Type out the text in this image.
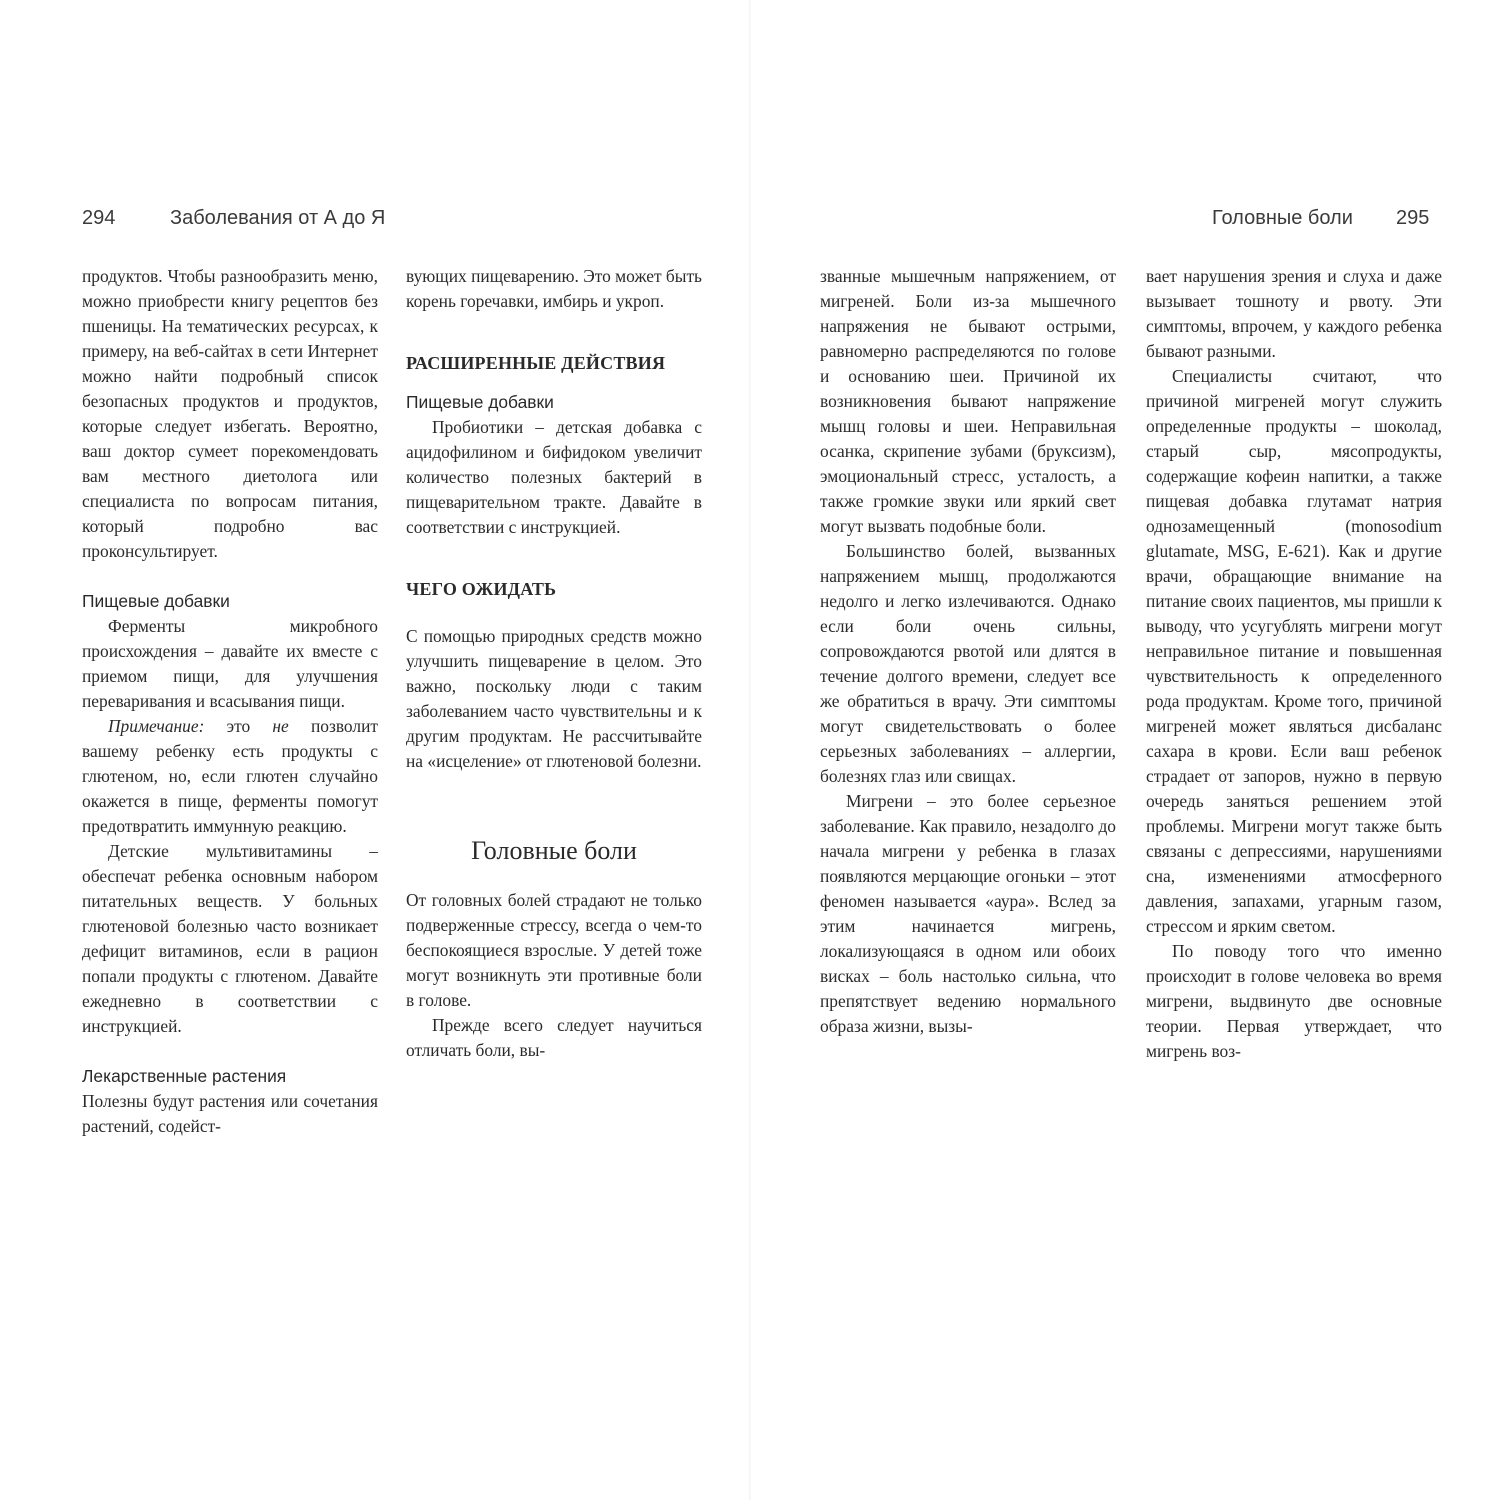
294	Заболевания от А до Я	Головные боли 295

продуктов. Чтобы разнообразить меню, можно приобрести книгу рецептов без пшеницы. На тематических ресурсах, к примеру, на веб-сайтах в сети Интернет можно найти подробный список безопасных продуктов и продуктов, которые следует избегать. Вероятно, ваш доктор сумеет порекомендовать вам местного диетолога или специалиста по вопросам питания, который подробно вас проконсультирует.

Пищевые добавки

Ферменты микробного происхождения – давайте их вместе с приемом пищи, для улучшения переваривания и всасывания пищи.

Примечание: это не позволит вашему ребенку есть продукты с глютеном, но, если глютен случайно окажется в пище, ферменты помогут предотвратить иммунную реакцию.

Детские мультивитамины – обеспечат ребенка основным набором питательных веществ. У больных глютеновой болезнью часто возникает дефицит витаминов, если в рацион попали продукты с глютеном. Давайте ежедневно в соответствии с инструкцией.

Лекарственные растения

Полезны будут растения или сочетания растений, содейст-

вующих пищеварению. Это может быть корень горечавки, имбирь и укроп.

РАСШИРЕННЫЕ ДЕЙСТВИЯ
Пищевые добавки

Пробиотики – детская добавка с ацидофилином и бифидоком увеличит количество полезных бактерий в пищеварительном тракте. Давайте в соответствии с инструкцией.

ЧЕГО ОЖИДАТЬ

С помощью природных средств можно улучшить пищеварение в целом. Это важно, поскольку люди с таким заболеванием часто чувствительны и к другим продуктам. Не рассчитывайте на «исцеление» от глютеновой болезни.

Головные боли

От головных болей страдают не только подверженные стрессу, всегда о чем-то беспокоящиеся взрослые. У детей тоже могут возникнуть эти противные боли в голове.

Прежде всего следует научиться отличать боли, вы-

званные мышечным напряжением, от мигреней. Боли из-за мышечного напряжения не бывают острыми, равномерно распределяются по голове и основанию шеи. Причиной их возникновения бывают напряжение мышц головы и шеи. Неправильная осанка, скрипение зубами (бруксизм), эмоциональный стресс, усталость, а также громкие звуки или яркий свет могут вызвать подобные боли.

Большинство болей, вызванных напряжением мышц, продолжаются недолго и легко излечиваются. Однако если боли очень сильны, сопровождаются рвотой или длятся в течение долгого времени, следует все же обратиться в врачу. Эти симптомы могут свидетельствовать о более серьезных заболеваниях – аллергии, болезнях глаз или свищах.

Мигрени – это более серьезное заболевание. Как правило, незадолго до начала мигрени у ребенка в глазах появляются мерцающие огоньки – этот феномен называется «аура». Вслед за этим начинается мигрень, локализующаяся в одном или обоих висках – боль настолько сильна, что препятствует ведению нормального образа жизни, вызы-

вает нарушения зрения и слуха и даже вызывает тошноту и рвоту. Эти симптомы, впрочем, у каждого ребенка бывают разными.

Специалисты считают, что причиной мигреней могут служить определенные продукты – шоколад, старый сыр, мясопродукты, содержащие кофеин напитки, а также пищевая добавка глутамат натрия однозамещенный (monosodium glutamate, MSG, E-621). Как и другие врачи, обращающие внимание на питание своих пациентов, мы пришли к выводу, что усугублять мигрени могут неправильное питание и повышенная чувствительность к определенного рода продуктам. Кроме того, причиной мигреней может являться дисбаланс сахара в крови. Если ваш ребенок страдает от запоров, нужно в первую очередь заняться решением этой проблемы. Мигрени могут также быть связаны с депрессиями, нарушениями сна, изменениями атмосферного давления, запахами, угарным газом, стрессом и ярким светом.

По поводу того что именно происходит в голове человека во время мигрени, выдвинуто две основные теории. Первая утверждает, что мигрень воз-
